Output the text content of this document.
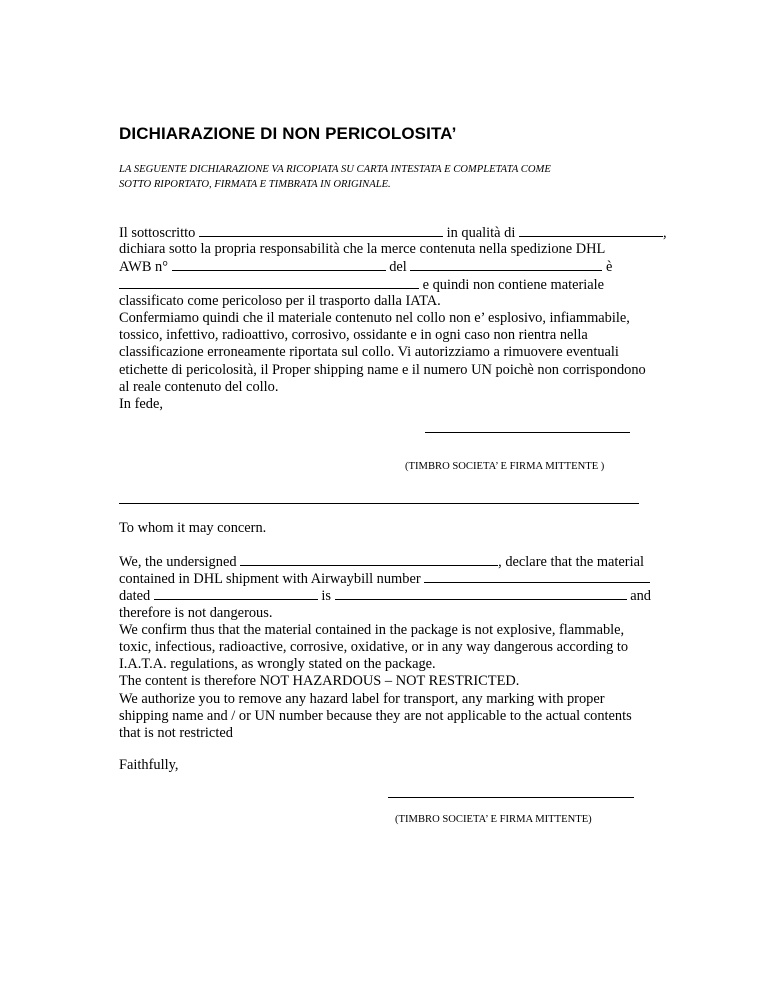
DICHIARAZIONE DI NON PERICOLOSITA’
LA SEGUENTE DICHIARAZIONE VA RICOPIATA SU CARTA INTESTATA E COMPLETATA COME
SOTTO RIPORTATO, FIRMATA E TIMBRATA IN ORIGINALE.
Il sottoscritto	in qualità di	,
dichiara sotto la propria responsabilità che la merce contenuta nella spedizione DHL
AWB n°	del	è
e quindi non contiene materiale
classificato come pericoloso per il trasporto dalla IATA.
Confermiamo quindi che il materiale contenuto nel collo non e’ esplosivo, infiammabile,
tossico, infettivo, radioattivo, corrosivo, ossidante e in ogni caso non rientra nella
classificazione erroneamente riportata sul collo. Vi autorizziamo a rimuovere eventuali
etichette di pericolosità, il Proper shipping name e il numero UN poichè non corrispondono
al reale contenuto del collo.
In fede,
(TIMBRO SOCIETA’ E FIRMA MITTENTE )
To whom it may concern.
We, the undersigned	, declare that the material
contained in DHL shipment with Airwaybill number
dated	is	and
therefore is not dangerous.
We confirm thus that the material contained in the package is not explosive, flammable,
toxic, infectious, radioactive, corrosive, oxidative, or in any way dangerous according to
I.A.T.A. regulations, as wrongly stated on the package.
The content is therefore NOT HAZARDOUS – NOT RESTRICTED.
We authorize you to remove any hazard label for transport, any marking with proper
shipping name and / or UN number because they are not applicable to the actual contents
that is not restricted
Faithfully,
(TIMBRO SOCIETA’ E FIRMA MITTENTE)
